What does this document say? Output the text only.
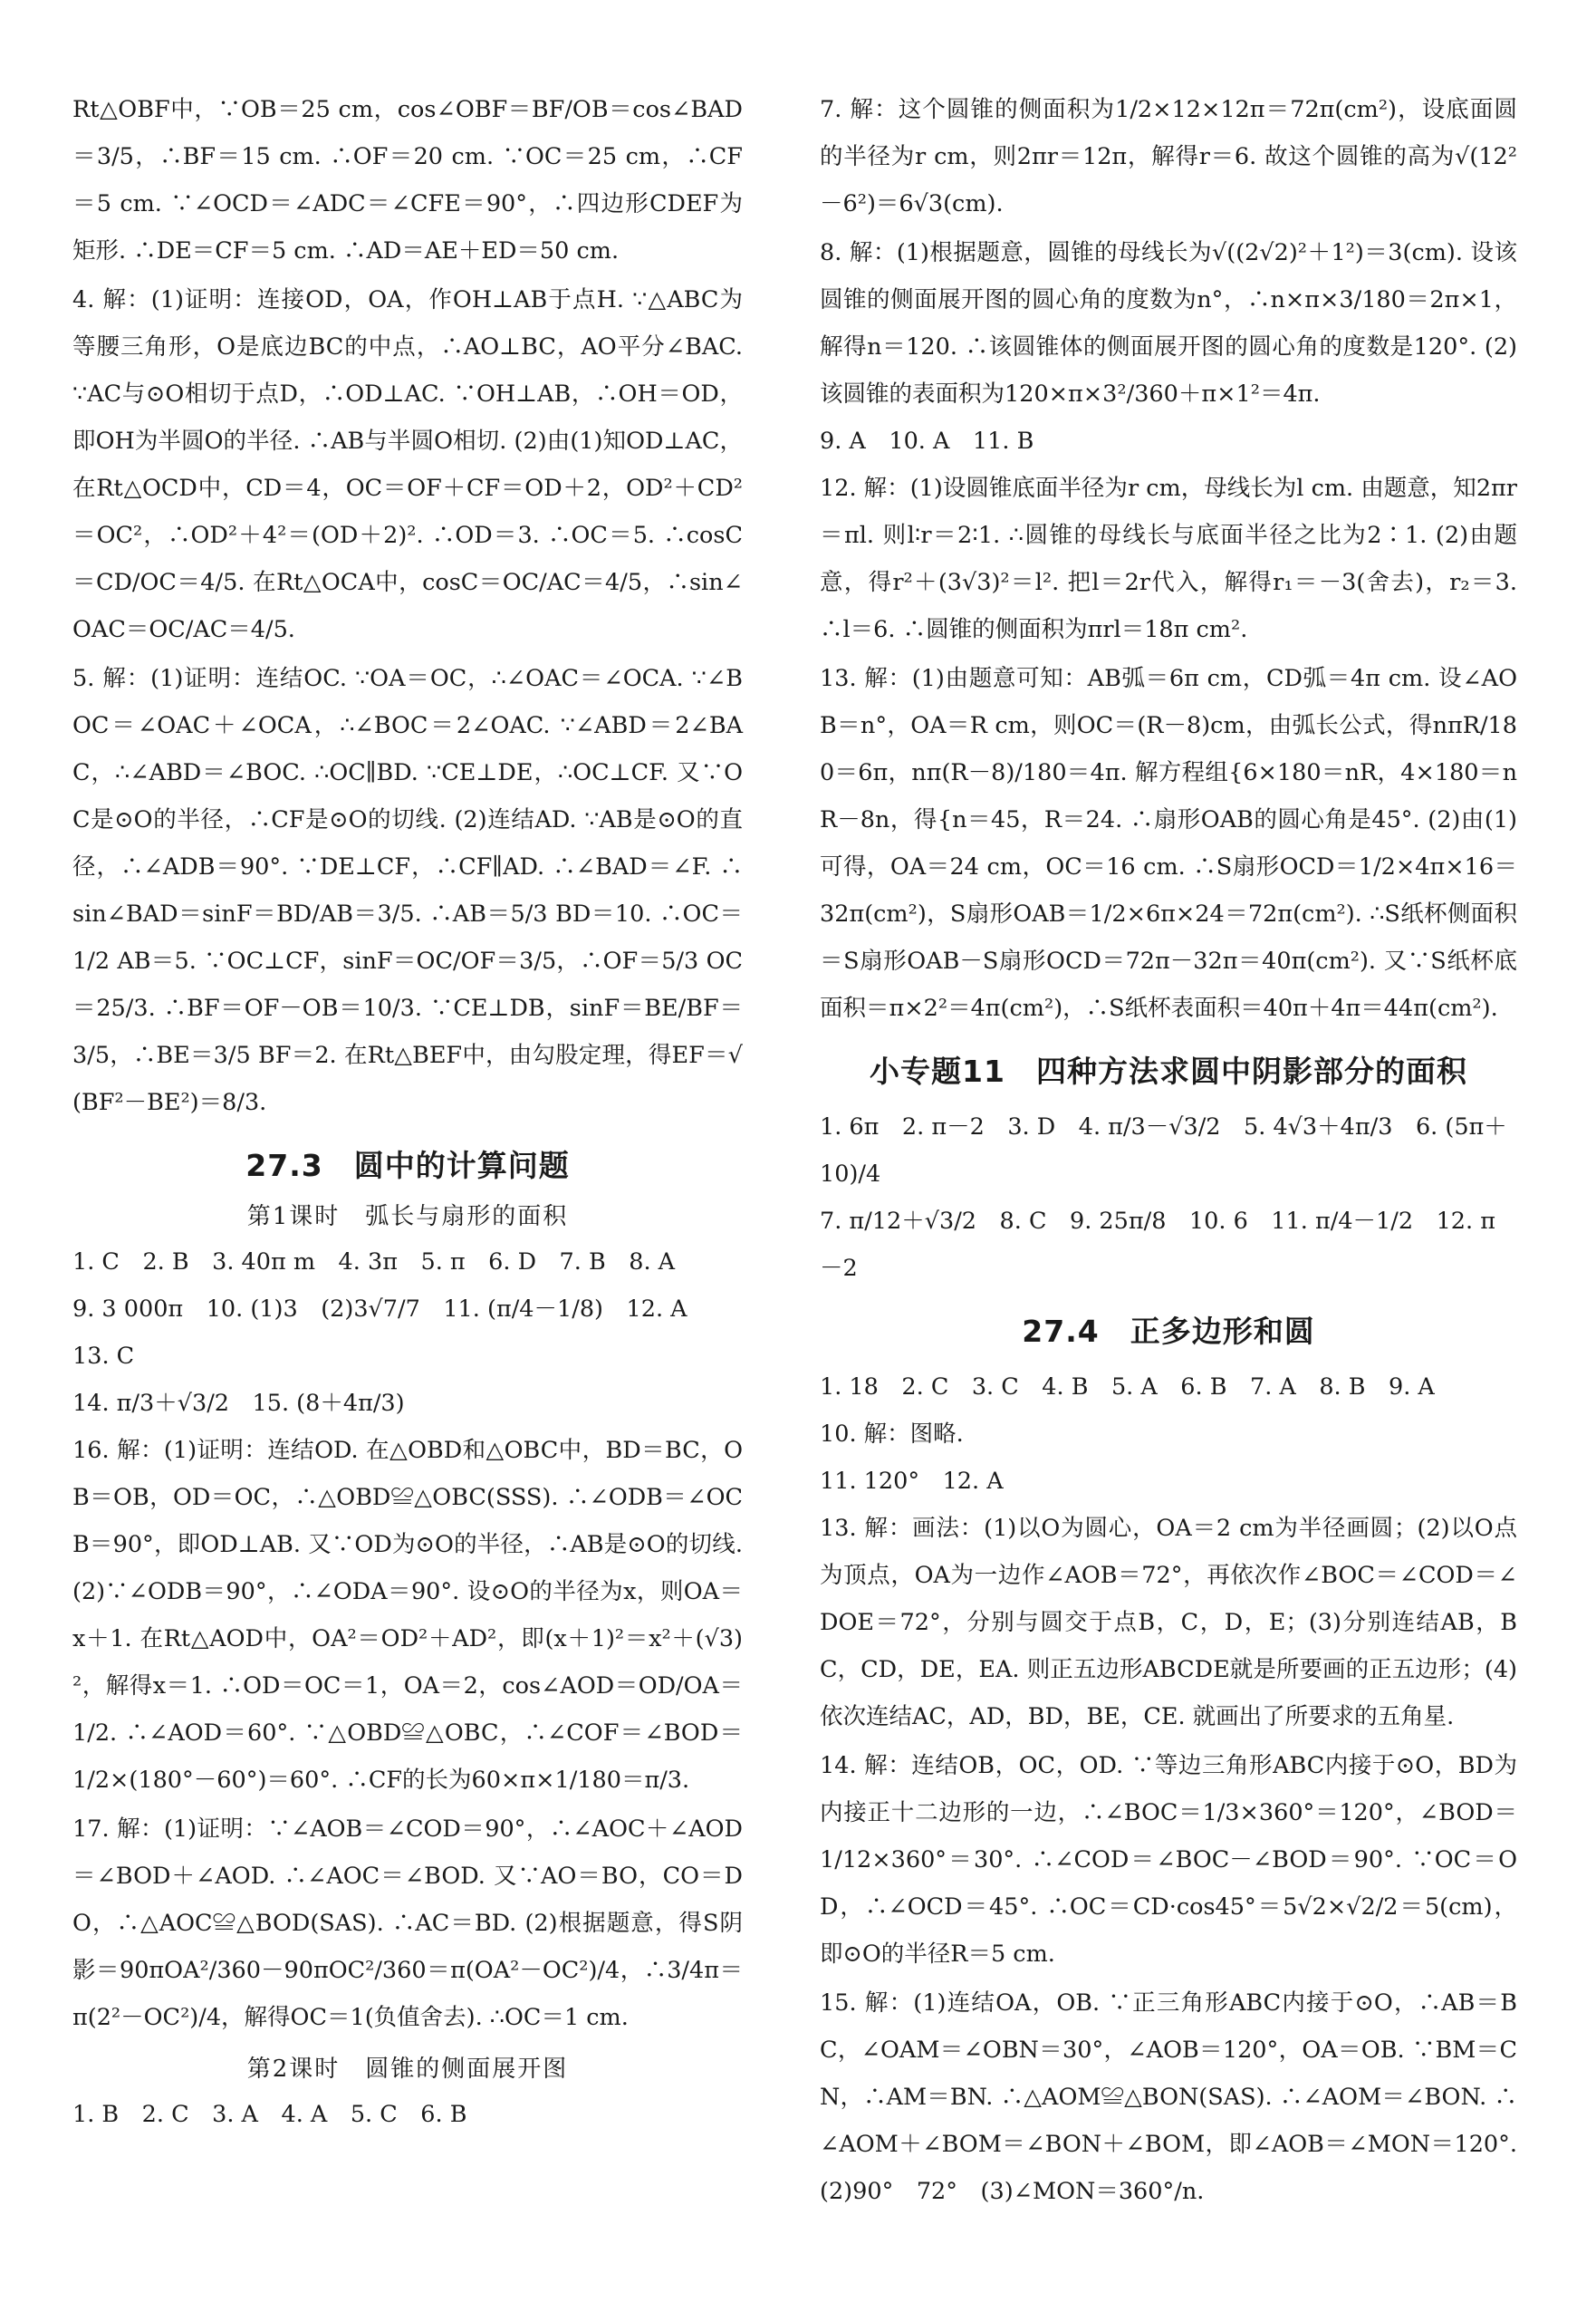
Rt△OBF中，∵OB＝25 cm，cos∠OBF＝BF/OB＝cos∠BAD＝3/5，∴BF＝15 cm. ∴OF＝20 cm. ∵OC＝25 cm，∴CF＝5 cm. ∵∠OCD＝∠ADC＝∠CFE＝90°，∴四边形CDEF为矩形. ∴DE＝CF＝5 cm. ∴AD＝AE＋ED＝50 cm.

4. 解：(1)证明：连接OD，OA，作OH⊥AB于点H. ∵△ABC为等腰三角形，O是底边BC的中点，∴AO⊥BC，AO平分∠BAC. ∵AC与⊙O相切于点D，∴OD⊥AC. ∵OH⊥AB，∴OH＝OD，即OH为半圆O的半径. ∴AB与半圆O相切. (2)由(1)知OD⊥AC，在Rt△OCD中，CD＝4，OC＝OF＋CF＝OD＋2，OD²＋CD²＝OC²，∴OD²＋4²＝(OD＋2)². ∴OD＝3. ∴OC＝5. ∴cosC＝CD/OC＝4/5. 在Rt△OCA中，cosC＝OC/AC＝4/5，∴sin∠OAC＝OC/AC＝4/5.

5. 解：(1)证明：连结OC. ∵OA＝OC，∴∠OAC＝∠OCA. ∵∠BOC＝∠OAC＋∠OCA，∴∠BOC＝2∠OAC. ∵∠ABD＝2∠BAC，∴∠ABD＝∠BOC. ∴OC∥BD. ∵CE⊥DE，∴OC⊥CF. 又∵OC是⊙O的半径，∴CF是⊙O的切线. (2)连结AD. ∵AB是⊙O的直径，∴∠ADB＝90°. ∵DE⊥CF，∴CF∥AD. ∴∠BAD＝∠F. ∴sin∠BAD＝sinF＝BD/AB＝3/5. ∴AB＝5/3 BD＝10. ∴OC＝1/2 AB＝5. ∵OC⊥CF，sinF＝OC/OF＝3/5，∴OF＝5/3 OC＝25/3. ∴BF＝OF－OB＝10/3. ∵CE⊥DB，sinF＝BE/BF＝3/5，∴BE＝3/5 BF＝2. 在Rt△BEF中，由勾股定理，得EF＝√(BF²－BE²)＝8/3.

27.3　圆中的计算问题

第1课时　弧长与扇形的面积

1. C　2. B　3. 40π m　4. 3π　5. π　6. D　7. B　8. A

9. 3 000π　10. (1)3　(2)3√7/7　11. (π/4－1/8)　12. A　13. C

14. π/3＋√3/2　15. (8＋4π/3)

16. 解：(1)证明：连结OD. 在△OBD和△OBC中，BD＝BC，OB＝OB，OD＝OC，∴△OBD≌△OBC(SSS). ∴∠ODB＝∠OCB＝90°，即OD⊥AB. 又∵OD为⊙O的半径，∴AB是⊙O的切线. (2)∵∠ODB＝90°，∴∠ODA＝90°. 设⊙O的半径为x，则OA＝x＋1. 在Rt△AOD中，OA²＝OD²＋AD²，即(x＋1)²＝x²＋(√3)²，解得x＝1. ∴OD＝OC＝1，OA＝2，cos∠AOD＝OD/OA＝1/2. ∴∠AOD＝60°. ∵△OBD≌△OBC，∴∠COF＝∠BOD＝1/2×(180°－60°)＝60°. ∴CF的长为60×π×1/180＝π/3.

17. 解：(1)证明：∵∠AOB＝∠COD＝90°，∴∠AOC＋∠AOD＝∠BOD＋∠AOD. ∴∠AOC＝∠BOD. 又∵AO＝BO，CO＝DO，∴△AOC≌△BOD(SAS). ∴AC＝BD. (2)根据题意，得S阴影＝90πOA²/360－90πOC²/360＝π(OA²－OC²)/4，∴3/4π＝π(2²－OC²)/4，解得OC＝1(负值舍去). ∴OC＝1 cm.

第2课时　圆锥的侧面展开图

1. B　2. C　3. A　4. A　5. C　6. B

7. 解：这个圆锥的侧面积为1/2×12×12π＝72π(cm²)，设底面圆的半径为r cm，则2πr＝12π，解得r＝6. 故这个圆锥的高为√(12²－6²)＝6√3(cm).

8. 解：(1)根据题意，圆锥的母线长为√((2√2)²＋1²)＝3(cm). 设该圆锥的侧面展开图的圆心角的度数为n°，∴n×π×3/180＝2π×1，解得n＝120. ∴该圆锥体的侧面展开图的圆心角的度数是120°. (2)该圆锥的表面积为120×π×3²/360＋π×1²＝4π.

9. A　10. A　11. B

12. 解：(1)设圆锥底面半径为r cm，母线长为l cm. 由题意，知2πr＝πl. 则l∶r＝2∶1. ∴圆锥的母线长与底面半径之比为2∶1. (2)由题意，得r²＋(3√3)²＝l². 把l＝2r代入，解得r₁＝－3(舍去)，r₂＝3. ∴l＝6. ∴圆锥的侧面积为πrl＝18π cm².

13. 解：(1)由题意可知：AB弧＝6π cm，CD弧＝4π cm. 设∠AOB＝n°，OA＝R cm，则OC＝(R－8)cm，由弧长公式，得nπR/180＝6π，nπ(R－8)/180＝4π. 解方程组{6×180＝nR，4×180＝nR－8n，得{n＝45，R＝24. ∴扇形OAB的圆心角是45°. (2)由(1)可得，OA＝24 cm，OC＝16 cm. ∴S扇形OCD＝1/2×4π×16＝32π(cm²)，S扇形OAB＝1/2×6π×24＝72π(cm²). ∴S纸杯侧面积＝S扇形OAB－S扇形OCD＝72π－32π＝40π(cm²). 又∵S纸杯底面积＝π×2²＝4π(cm²)，∴S纸杯表面积＝40π＋4π＝44π(cm²).

小专题11　四种方法求圆中阴影部分的面积

1. 6π　2. π－2　3. D　4. π/3－√3/2　5. 4√3＋4π/3　6. (5π＋10)/4

7. π/12＋√3/2　8. C　9. 25π/8　10. 6　11. π/4－1/2　12. π－2

27.4　正多边形和圆

1. 18　2. C　3. C　4. B　5. A　6. B　7. A　8. B　9. A

10. 解：图略.

11. 120°　12. A

13. 解：画法：(1)以O为圆心，OA＝2 cm为半径画圆；(2)以O点为顶点，OA为一边作∠AOB＝72°，再依次作∠BOC＝∠COD＝∠DOE＝72°，分别与圆交于点B，C，D，E；(3)分别连结AB，BC，CD，DE，EA. 则正五边形ABCDE就是所要画的正五边形；(4)依次连结AC，AD，BD，BE，CE. 就画出了所要求的五角星.

14. 解：连结OB，OC，OD. ∵等边三角形ABC内接于⊙O，BD为内接正十二边形的一边，∴∠BOC＝1/3×360°＝120°，∠BOD＝1/12×360°＝30°. ∴∠COD＝∠BOC－∠BOD＝90°. ∵OC＝OD，∴∠OCD＝45°. ∴OC＝CD·cos45°＝5√2×√2/2＝5(cm)，即⊙O的半径R＝5 cm.

15. 解：(1)连结OA，OB. ∵正三角形ABC内接于⊙O，∴AB＝BC，∠OAM＝∠OBN＝30°，∠AOB＝120°，OA＝OB. ∵BM＝CN，∴AM＝BN. ∴△AOM≌△BON(SAS). ∴∠AOM＝∠BON. ∴∠AOM＋∠BOM＝∠BON＋∠BOM，即∠AOB＝∠MON＝120°. (2)90°　72°　(3)∠MON＝360°/n.
